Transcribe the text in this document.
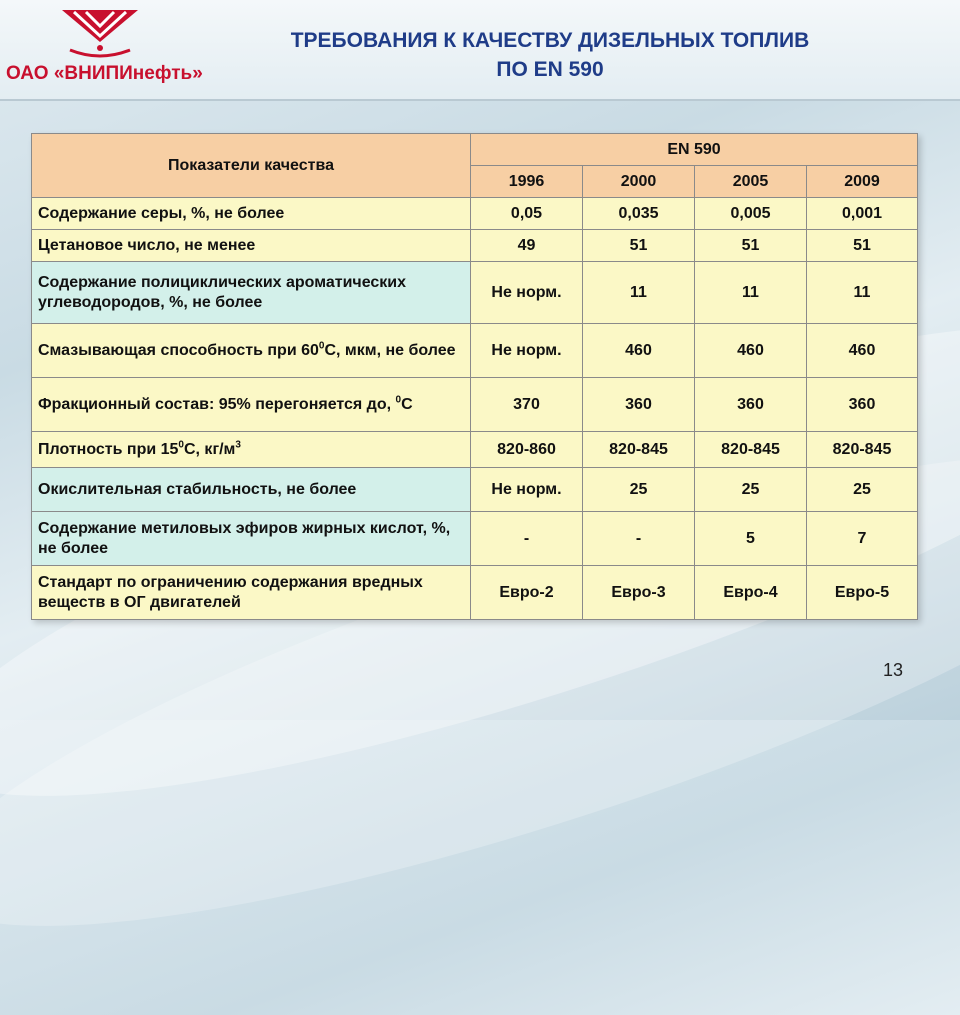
ОАО «ВНИПИнефть»
ТРЕБОВАНИЯ К КАЧЕСТВУ ДИЗЕЛЬНЫХ ТОПЛИВ
ПО EN 590
Показатели качества	EN 590			
	1996	2000	2005	2009
Содержание серы, %, не более	0,05	0,035	0,005	0,001
Цетановое число, не менее	49	51	51	51
Содержание полициклических ароматических углеводородов, %, не более	Не норм.	11	11	11
Смазывающая способность при $60^0С$, мкм, не более	Не норм.	460	460	460
Фракционный состав: 95% перегоняется до, $^0$С	370	360	360	360
Плотность при $15^0С$, $кг/м^3$	820-860	820-845	820-845	820-845
Окислительная стабильность, не более	Не норм.	25	25	25
Содержание метиловых эфиров жирных кислот, %, не более	-	-	5	7
Стандарт по ограничению содержания вредных веществ в ОГ двигателей	Евро-2	Евро-3	Евро-4	Евро-5
13
